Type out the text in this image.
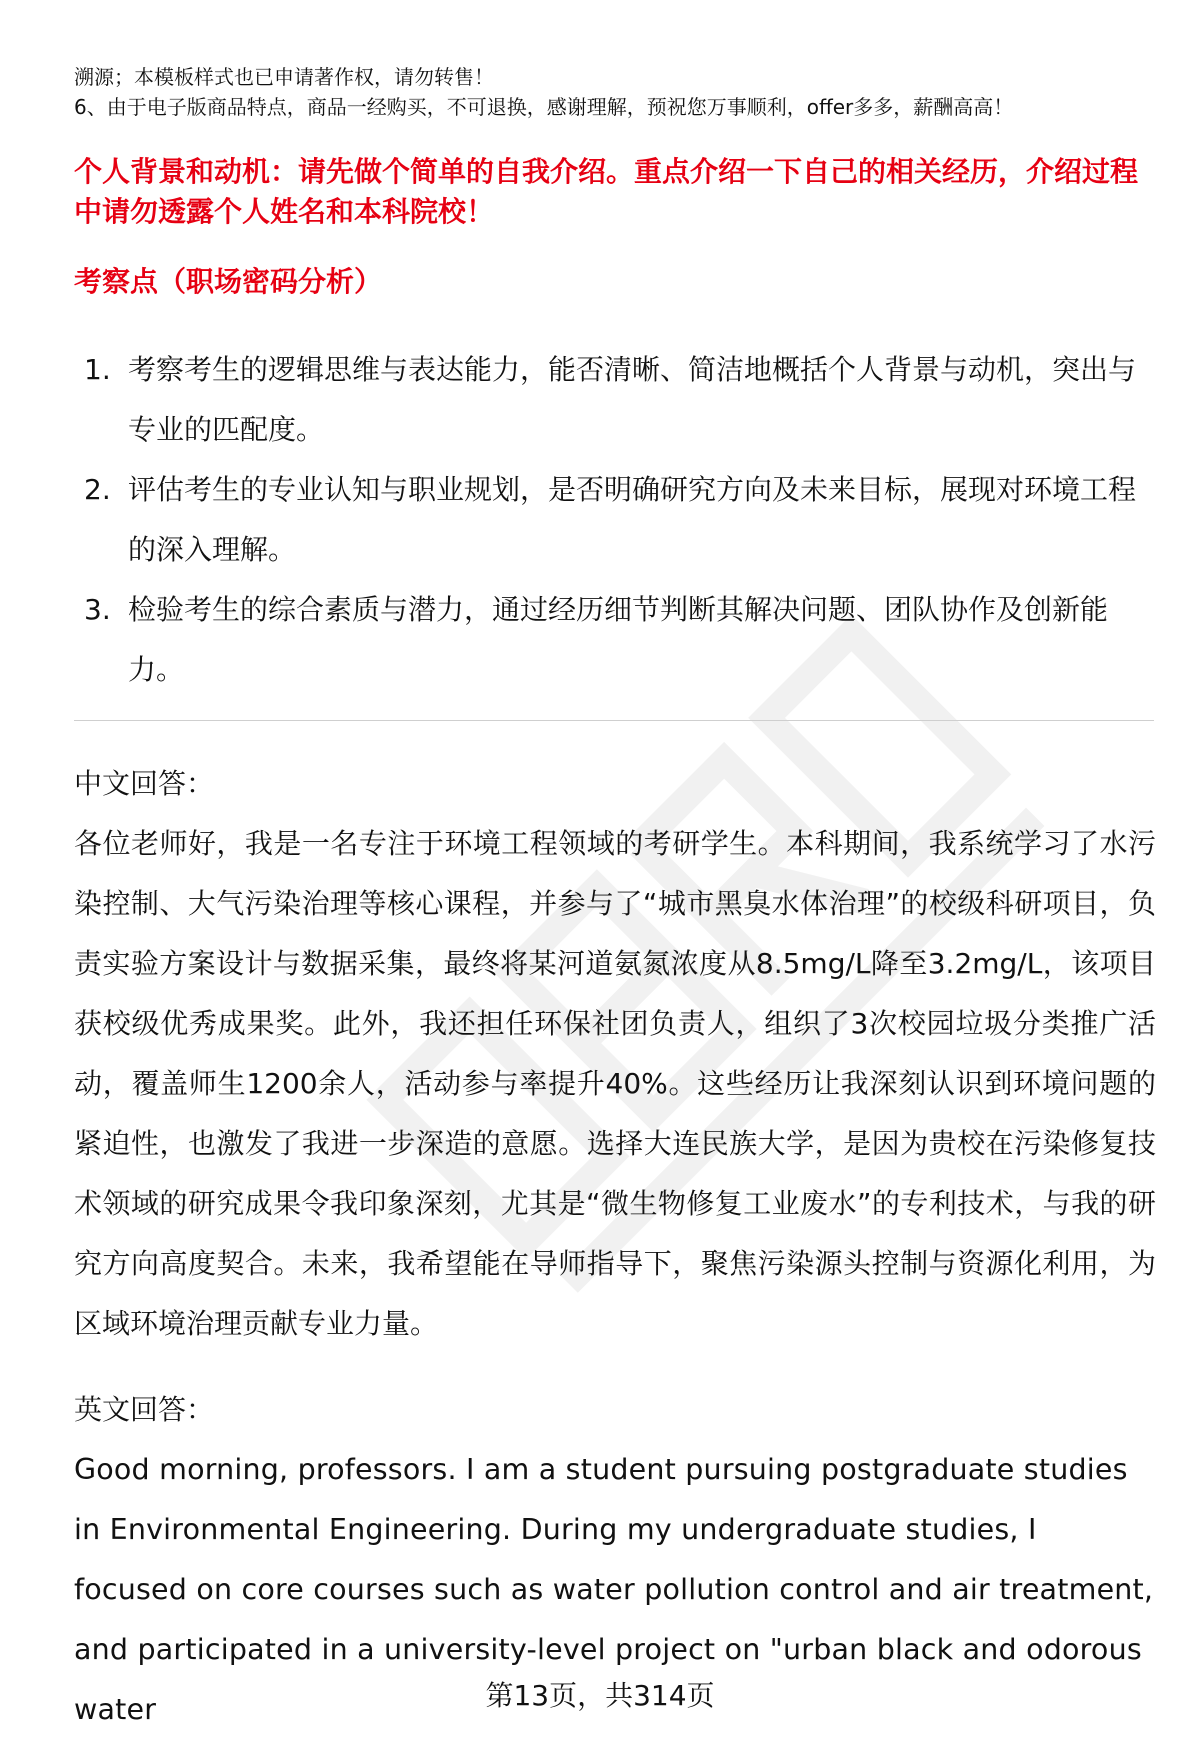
溯源；本模板样式也已申请著作权，请勿转售！
6、由于电子版商品特点，商品一经购买，不可退换，感谢理解，预祝您万事顺利，offer多多，薪酬高高！
个人背景和动机：请先做个简单的自我介绍。重点介绍一下自己的相关经历，介绍过程中请勿透露个人姓名和本科院校！
考察点（职场密码分析）
1. 考察考生的逻辑思维与表达能力，能否清晰、简洁地概括个人背景与动机，突出与专业的匹配度。
2. 评估考生的专业认知与职业规划，是否明确研究方向及未来目标，展现对环境工程的深入理解。
3. 检验考生的综合素质与潜力，通过经历细节判断其解决问题、团队协作及创新能力。
中文回答：
各位老师好，我是一名专注于环境工程领域的考研学生。本科期间，我系统学习了水污染控制、大气污染治理等核心课程，并参与了“城市黑臭水体治理”的校级科研项目，负责实验方案设计与数据采集，最终将某河道氨氮浓度从8.5mg/L降至3.2mg/L，该项目获校级优秀成果奖。此外，我还担任环保社团负责人，组织了3次校园垃圾分类推广活动，覆盖师生1200余人，活动参与率提升40%。这些经历让我深刻认识到环境问题的紧迫性，也激发了我进一步深造的意愿。选择大连民族大学，是因为贵校在污染修复技术领域的研究成果令我印象深刻，尤其是“微生物修复工业废水”的专利技术，与我的研究方向高度契合。未来，我希望能在导师指导下，聚焦污染源头控制与资源化利用，为区域环境治理贡献专业力量。
英文回答：
Good morning, professors. I am a student pursuing postgraduate studies in Environmental Engineering. During my undergraduate studies, I focused on core courses such as water pollution control and air treatment, and participated in a university-level project on "urban black and odorous water	第13页，共314页
